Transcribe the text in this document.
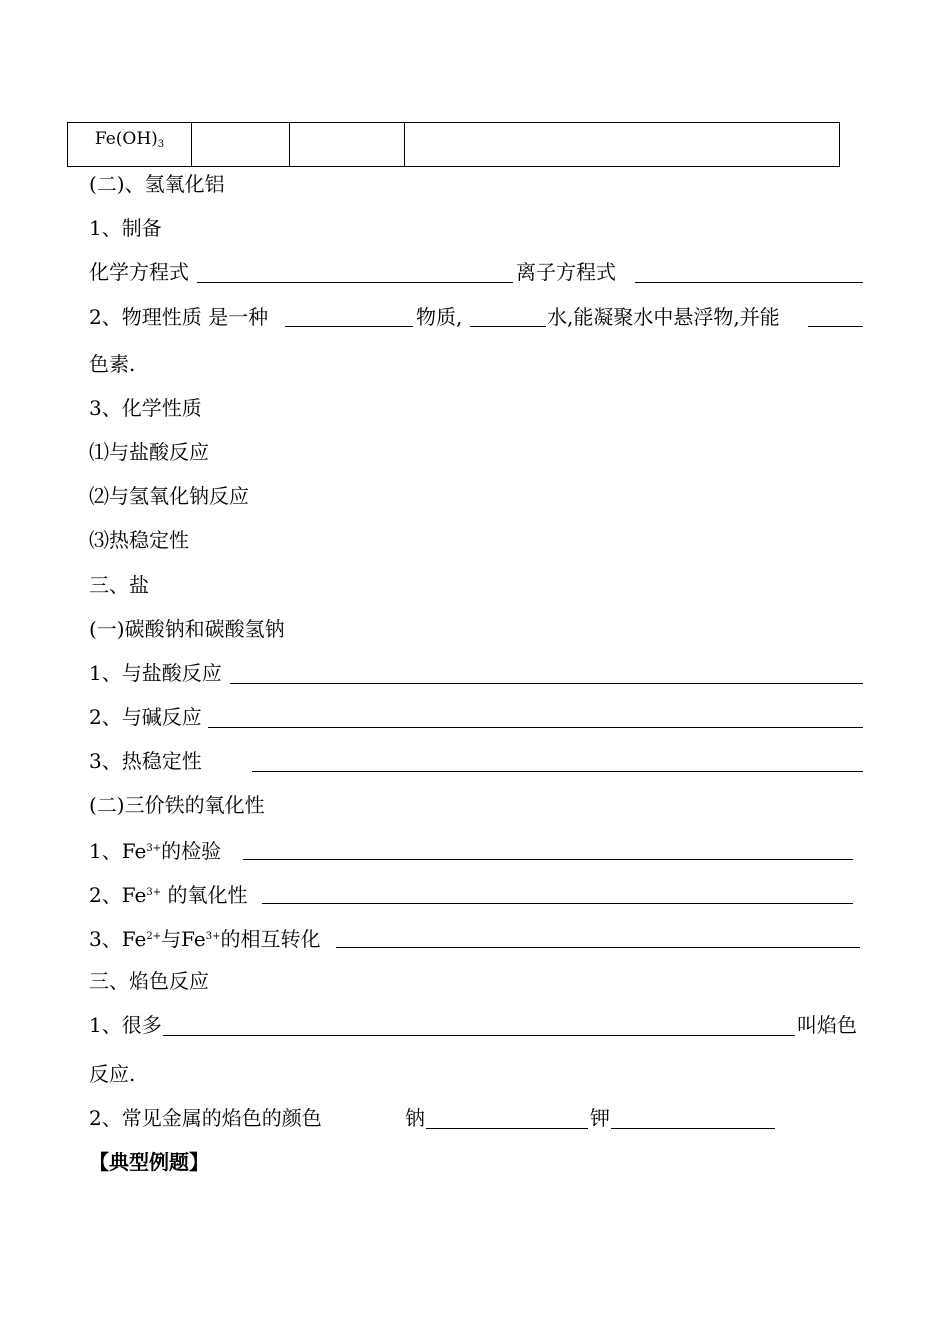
$Fe(OH)_3$

(二)、氢氧化铝
1、制备
化学方程式	离子方程式
2、物理性质 是一种	物质,	水,能凝聚水中悬浮物,并能
色素.
3、化学性质
⑴与盐酸反应
⑵与氢氧化钠反应
⑶热稳定性
三、盐
(一)碳酸钠和碳酸氢钠
1、与盐酸反应
2、与碱反应
3、热稳定性
(二)三价铁的氧化性
1、$Fe^{3+}$的检验
2、$Fe^{3+}$ 的氧化性
3、$Fe^{2+}$与$Fe^{3+}$的相互转化
三、焰色反应
1、很多	叫焰色
反应.
2、常见金属的焰色的颜色	钠	钾
【典型例题】
